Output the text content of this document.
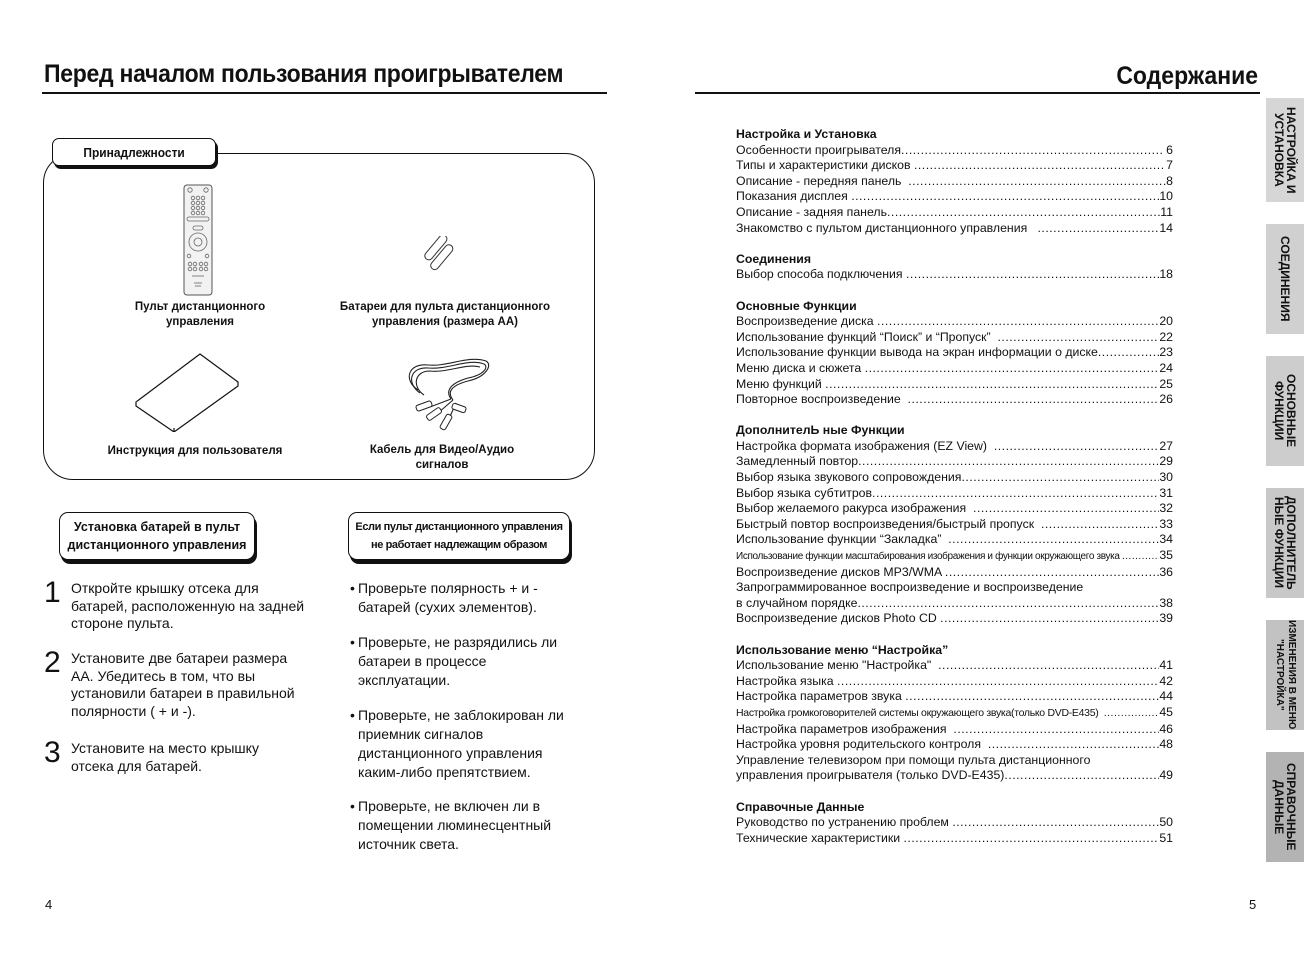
Перед началом пользования проигрывателем
Принадлежности
Пульт дистанционного
управления
Батареи для пульта дистанционного
управления (размера AA)
Инструкция для пользователя	Кабель для Видео/Аудио
сигналов
Установка батарей в пульт
дистанционного управления
1 Откройте крышку отсека для
батарей, расположенную на задней
стороне пульта.
2 Установите две батареи размера
АА. Убедитесь в том, что вы
установили батареи в правильной
полярности ( + и -).
3 Установите на место крышку
отсека для батарей.
Если пульт дистанционного управления
не работает надлежащим образом
• Проверьте полярность + и -
батарей (сухих элементов).
• Проверьте, не разрядились ли
батареи в процессе
эксплуатации.
• Проверьте, не заблокирован ли
приемник сигналов
дистанционного управления
каким-либо препятствием.
• Проверьте, не включен ли в
помещении люминесцентный
источник света.
4
Содержание
Настройка и Установка
Особенности проигрывателя .....	6
Типы и характеристики дисков .....	7
Описание - передняя панель .....	8
Показания дисплея .....	10
Описание - задняя панель .....	11
Знакомство с пультом дистанционного управления .....	14
Соединения
Выбор способа подключения .....	18
Основные Функции
Воспроизведение диска .....	20
Использование функций “Поиск” и “Пропуск” .....	22
Использование функции вывода на экран информации о диске .....	23
Меню диска и сюжета .....	24
Меню функций .....	25
Повторное воспроизведение .....	26
ДополнителЬ ные Функции
Настройка формата изображения (EZ View) .....	27
Замедленный повтор .....	29
Выбор языка звукового сопровождения .....	30
Выбор языка субтитров .....	31
Выбор желаемого ракурса изображения .....	32
Быстрый повтор воспроизведения/быстрый пропуск .....	33
Использование функции “Закладка” .....	34
Использование функции масштабирования изображения и функции окружающего звука .....	35
Воспроизведение дисков MP3/WMA .....	36
Запрограммированное воспроизведение и воспроизведение
в случайном порядке .....	38
Воспроизведение дисков Photo CD .....	39
Использование меню “Настройка”
Использование меню "Настройка" .....	41
Настройка языка .....	42
Настройка параметров звука .....	44
Настройка громкоговорителей системы окружающего звука(только DVD-E435) .....	45
Настройка параметров изображения .....	46
Настройка уровня родительского контроля .....	48
Управление телевизором при помощи пульта дистанционного
управления проигрывателя (только DVD-E435) .....	49
Справочные Данные
Руководство по устранению проблем .....	50
Технические характеристики .....	51
НАСТРОЙКА И
УСТАНОВКА
СОЕДИНЕНИЯ
ОСНОВНЫЕ
ФУНКЦИИ
ДОПОЛНИТЕЛЬ
НЫЕ ФУНКЦИИ
ИЗМЕНЕНИЯ В МЕНЮ
"НАСТРОЙКА"
СПРАВОЧНЫЕ
ДАННЫЕ
5
